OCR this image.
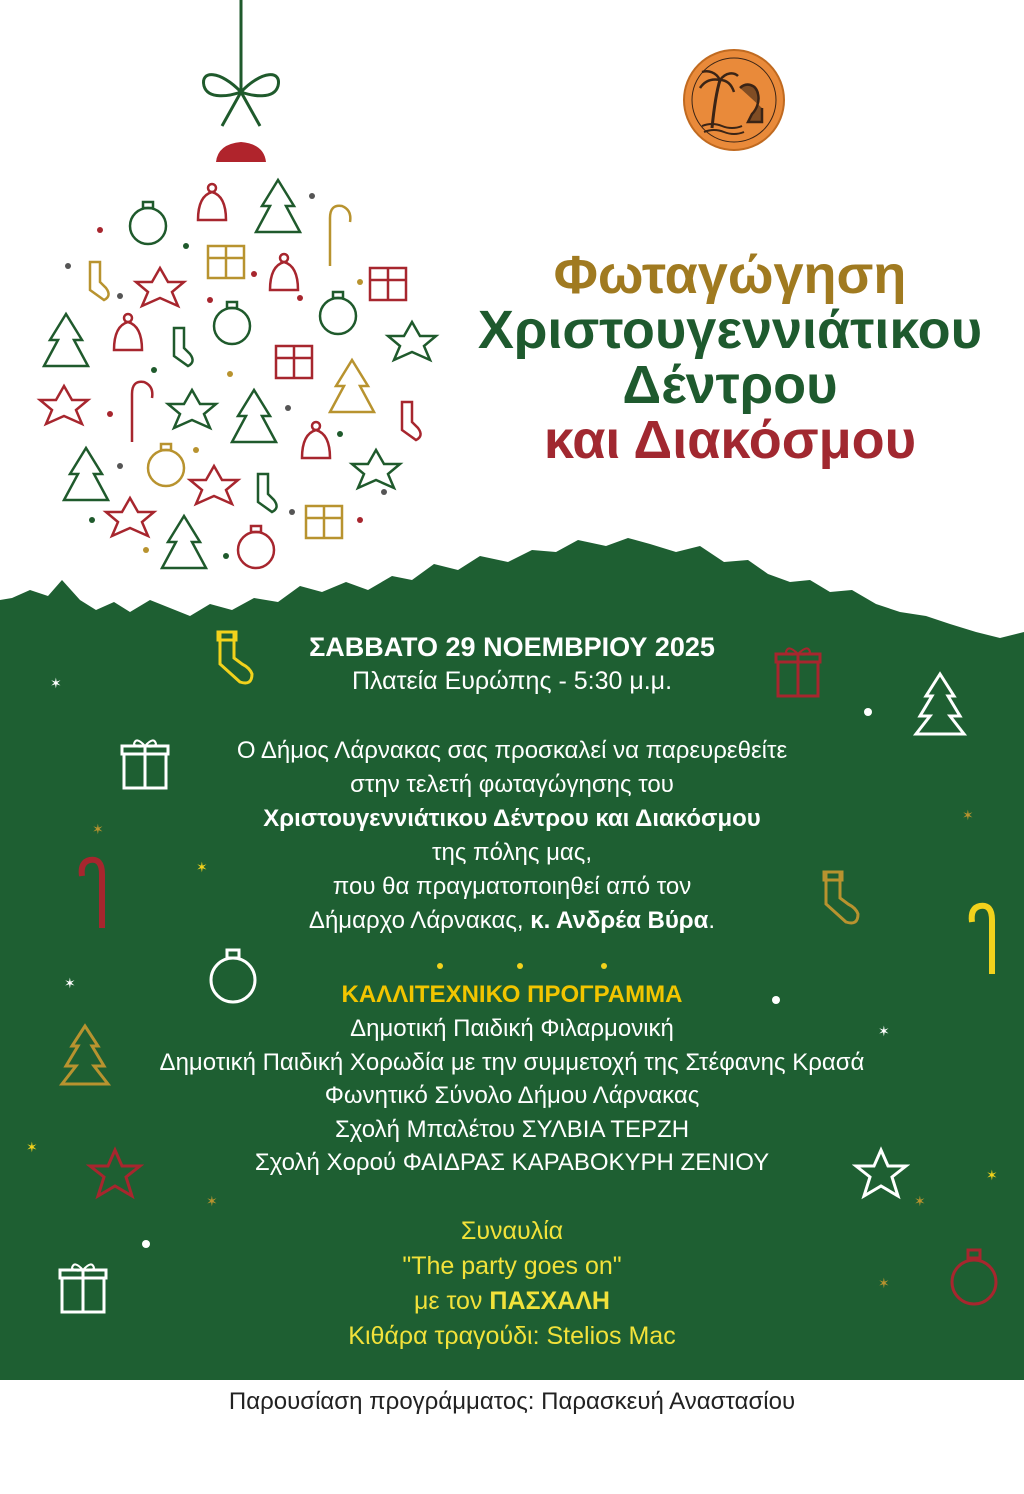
Φωταγώγηση
Χριστουγεννιάτικου
Δέντρου
και Διακόσμου
✶
✶
✶
✶
✶
✶
✶
✶
✶
✶
✶

ΣΑΒΒΑΤΟ 29 ΝΟΕΜΒΡΙΟΥ 2025

Πλατεία Ευρώπης - 5:30 μ.μ.

Ο Δήμος Λάρνακας σας προσκαλεί να παρευρεθείτε

στην τελετή φωταγώγησης του

Χριστουγεννιάτικου Δέντρου και Διακόσμου

της πόλης μας,

που θα πραγματοποιηθεί από τον

Δήμαρχο Λάρνακας, κ. Ανδρέα Βύρα.

ΚΑΛΛΙΤΕΧΝΙΚΟ ΠΡΟΓΡΑΜΜΑ

Δημοτική Παιδική Φιλαρμονική

Δημοτική Παιδική Χορωδία με την συμμετοχή της Στέφανης Κρασά

Φωνητικό Σύνολο Δήμου Λάρνακας

Σχολή Μπαλέτου ΣΥΛΒΙΑ ΤΕΡΖΗ

Σχολή Χορού ΦΑΙΔΡΑΣ ΚΑΡΑΒΟΚΥΡΗ ΖΕΝΙΟΥ

Συναυλία

"The party goes on"

με τον ΠΑΣΧΑΛΗ

Κιθάρα τραγούδι: Stelios Mac

Παρουσίαση προγράμματος: Παρασκευή Αναστασίου
